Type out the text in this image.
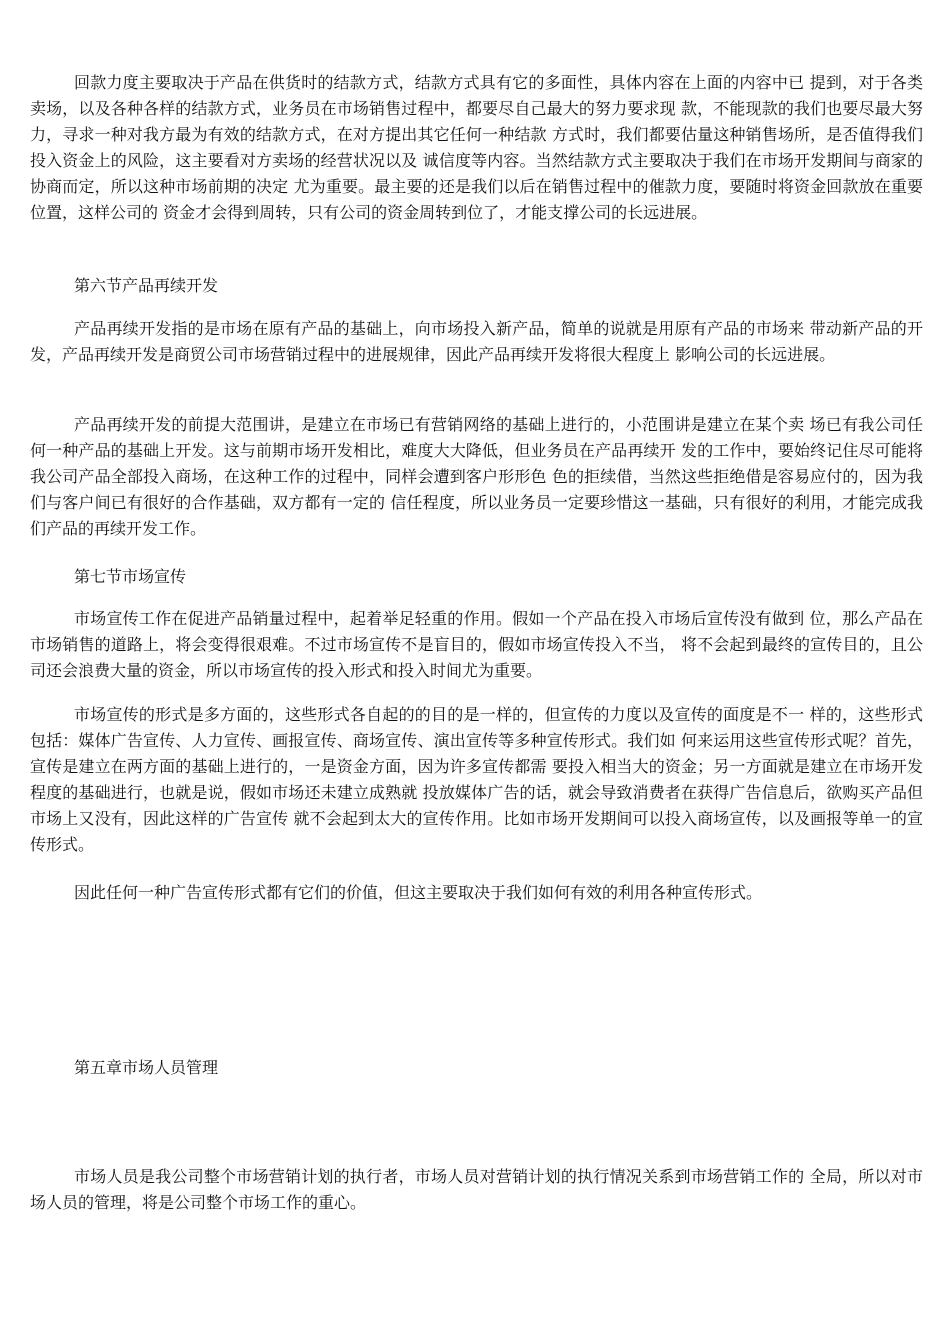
回款力度主要取决于产品在供货时的结款方式，结款方式具有它的多面性，具体内容在上面的内容中已 提到，对于各类卖场，以及各种各样的结款方式，业务员在市场销售过程中，都要尽自己最大的努力要求现 款，不能现款的我们也要尽最大努力，寻求一种对我方最为有效的结款方式，在对方提出其它任何一种结款 方式时，我们都要估量这种销售场所，是否值得我们投入资金上的风险，这主要看对方卖场的经营状况以及 诚信度等内容。当然结款方式主要取决于我们在市场开发期间与商家的协商而定，所以这种市场前期的决定 尤为重要。最主要的还是我们以后在销售过程中的催款力度，要随时将资金回款放在重要位置，这样公司的 资金才会得到周转，只有公司的资金周转到位了，才能支撑公司的长远进展。

第六节产品再续开发

产品再续开发指的是市场在原有产品的基础上，向市场投入新产品，简单的说就是用原有产品的市场来 带动新产品的开发，产品再续开发是商贸公司市场营销过程中的进展规律，因此产品再续开发将很大程度上 影响公司的长远进展。

产品再续开发的前提大范围讲，是建立在市场已有营销网络的基础上进行的，小范围讲是建立在某个卖 场已有我公司任何一种产品的基础上开发。这与前期市场开发相比，难度大大降低，但业务员在产品再续开 发的工作中，要始终记住尽可能将我公司产品全部投入商场，在这种工作的过程中，同样会遭到客户形形色 色的拒续借，当然这些拒绝借是容易应付的，因为我们与客户间已有很好的合作基础，双方都有一定的 信任程度，所以业务员一定要珍惜这一基础，只有很好的利用，才能完成我们产品的再续开发工作。

第七节市场宣传

市场宣传工作在促进产品销量过程中，起着举足轻重的作用。假如一个产品在投入市场后宣传没有做到 位，那么产品在市场销售的道路上，将会变得很艰难。不过市场宣传不是盲目的，假如市场宣传投入不当， 将不会起到最终的宣传目的，且公司还会浪费大量的资金，所以市场宣传的投入形式和投入时间尤为重要。

市场宣传的形式是多方面的，这些形式各自起的的目的是一样的，但宣传的力度以及宣传的面度是不一 样的，这些形式包括：媒体广告宣传、人力宣传、画报宣传、商场宣传、演出宣传等多种宣传形式。我们如 何来运用这些宣传形式呢？首先，宣传是建立在两方面的基础上进行的，一是资金方面，因为许多宣传都需 要投入相当大的资金；另一方面就是建立在市场开发程度的基础进行，也就是说，假如市场还未建立成熟就 投放媒体广告的话，就会导致消费者在获得广告信息后，欲购买产品但市场上又没有，因此这样的广告宣传 就不会起到太大的宣传作用。比如市场开发期间可以投入商场宣传，以及画报等单一的宣传形式。

因此任何一种广告宣传形式都有它们的价值，但这主要取决于我们如何有效的利用各种宣传形式。

第五章市场人员管理

市场人员是我公司整个市场营销计划的执行者，市场人员对营销计划的执行情况关系到市场营销工作的 全局，所以对市场人员的管理，将是公司整个市场工作的重心。
